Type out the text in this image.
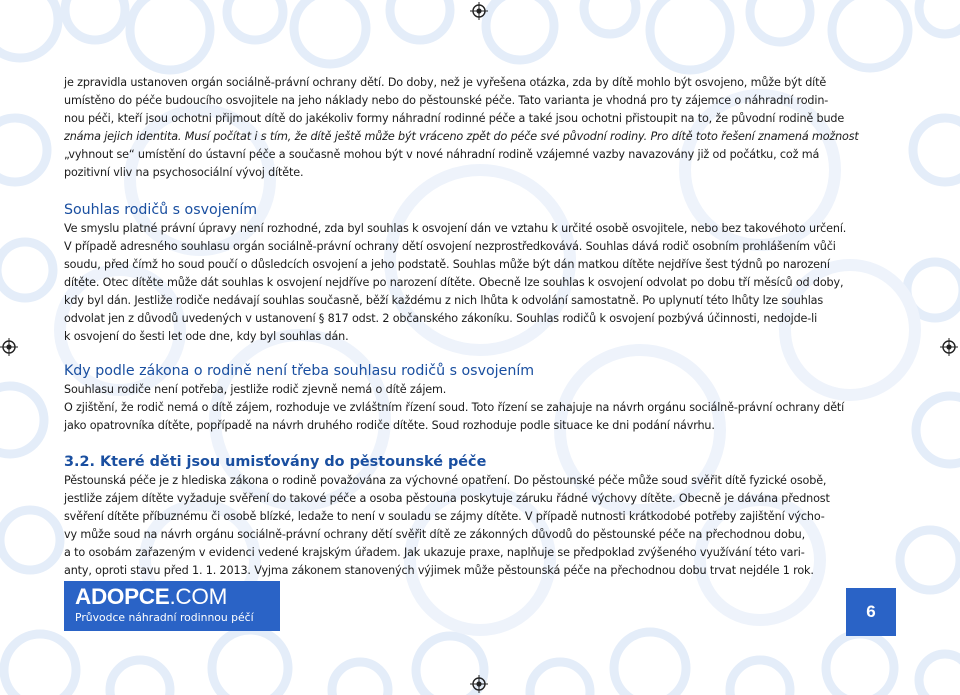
je zpravidla ustanoven orgán sociálně-právní ochrany dětí. Do doby, než je vyřešena otázka, zda by dítě mohlo být osvojeno, může být dítě

umístěno do péče budoucího osvojitele na jeho náklady nebo do pěstounské péče. Tato varianta je vhodná pro ty zájemce o náhradní rodin-

nou péči, kteří jsou ochotni přijmout dítě do jakékoliv formy náhradní rodinné péče a také jsou ochotni přistoupit na to, že původní rodině bude

známa jejich identita. Musí počítat i s tím, že dítě ještě může být vráceno zpět do péče své původní rodiny. Pro dítě toto řešení znamená možnost

„vyhnout se“ umístění do ústavní péče a současně mohou být v nové náhradní rodině vzájemné vazby navazovány již od počátku, což má

pozitivní vliv na psychosociální vývoj dítěte.

Souhlas rodičů s osvojením

Ve smyslu platné právní úpravy není rozhodné, zda byl souhlas k osvojení dán ve vztahu k určité osobě osvojitele, nebo bez takovéhoto určení.

V případě adresného souhlasu orgán sociálně-právní ochrany dětí osvojení nezprostředkovává. Souhlas dává rodič osobním prohlášením vůči

soudu, před čímž ho soud poučí o důsledcích osvojení a jeho podstatě. Souhlas může být dán matkou dítěte nejdříve šest týdnů po narození

dítěte. Otec dítěte může dát souhlas k osvojení nejdříve po narození dítěte. Obecně lze souhlas k osvojení odvolat po dobu tří měsíců od doby,

kdy byl dán. Jestliže rodiče nedávají souhlas současně, běží každému z nich lhůta k odvolání samostatně. Po uplynutí této lhůty lze souhlas

odvolat jen z důvodů uvedených v ustanovení § 817 odst. 2 občanského zákoníku. Souhlas rodičů k osvojení pozbývá účinnosti, nedojde-li

k osvojení do šesti let ode dne, kdy byl souhlas dán.

Kdy podle zákona o rodině není třeba souhlasu rodičů s osvojením

Souhlasu rodiče není potřeba, jestliže rodič zjevně nemá o dítě zájem.

O zjištění, že rodič nemá o dítě zájem, rozhoduje ve zvláštním řízení soud. Toto řízení se zahajuje na návrh orgánu sociálně-právní ochrany dětí

jako opatrovníka dítěte, popřípadě na návrh druhého rodiče dítěte. Soud rozhoduje podle situace ke dni podání návrhu.

3.2. Které děti jsou umisťovány do pěstounské péče

Pěstounská péče je z hlediska zákona o rodině považována za výchovné opatření. Do pěstounské péče může soud svěřit dítě fyzické osobě,

jestliže zájem dítěte vyžaduje svěření do takové péče a osoba pěstouna poskytuje záruku řádné výchovy dítěte. Obecně je dávána přednost

svěření dítěte příbuznému či osobě blízké, ledaže to není v souladu se zájmy dítěte. V případě nutnosti krátkodobé potřeby zajištění výcho-

vy může soud na návrh orgánu sociálně-právní ochrany dětí svěřit dítě ze zákonných důvodů do pěstounské péče na přechodnou dobu,

a to osobám zařazeným v evidenci vedené krajským úřadem. Jak ukazuje praxe, naplňuje se předpoklad zvýšeného využívání této vari-

anty, oproti stavu před 1. 1. 2013. Vyjma zákonem stanovených výjimek může pěstounská péče na přechodnou dobu trvat nejdéle 1 rok.

ADOPCE.COM
Průvodce náhradní rodinnou péčí	6
